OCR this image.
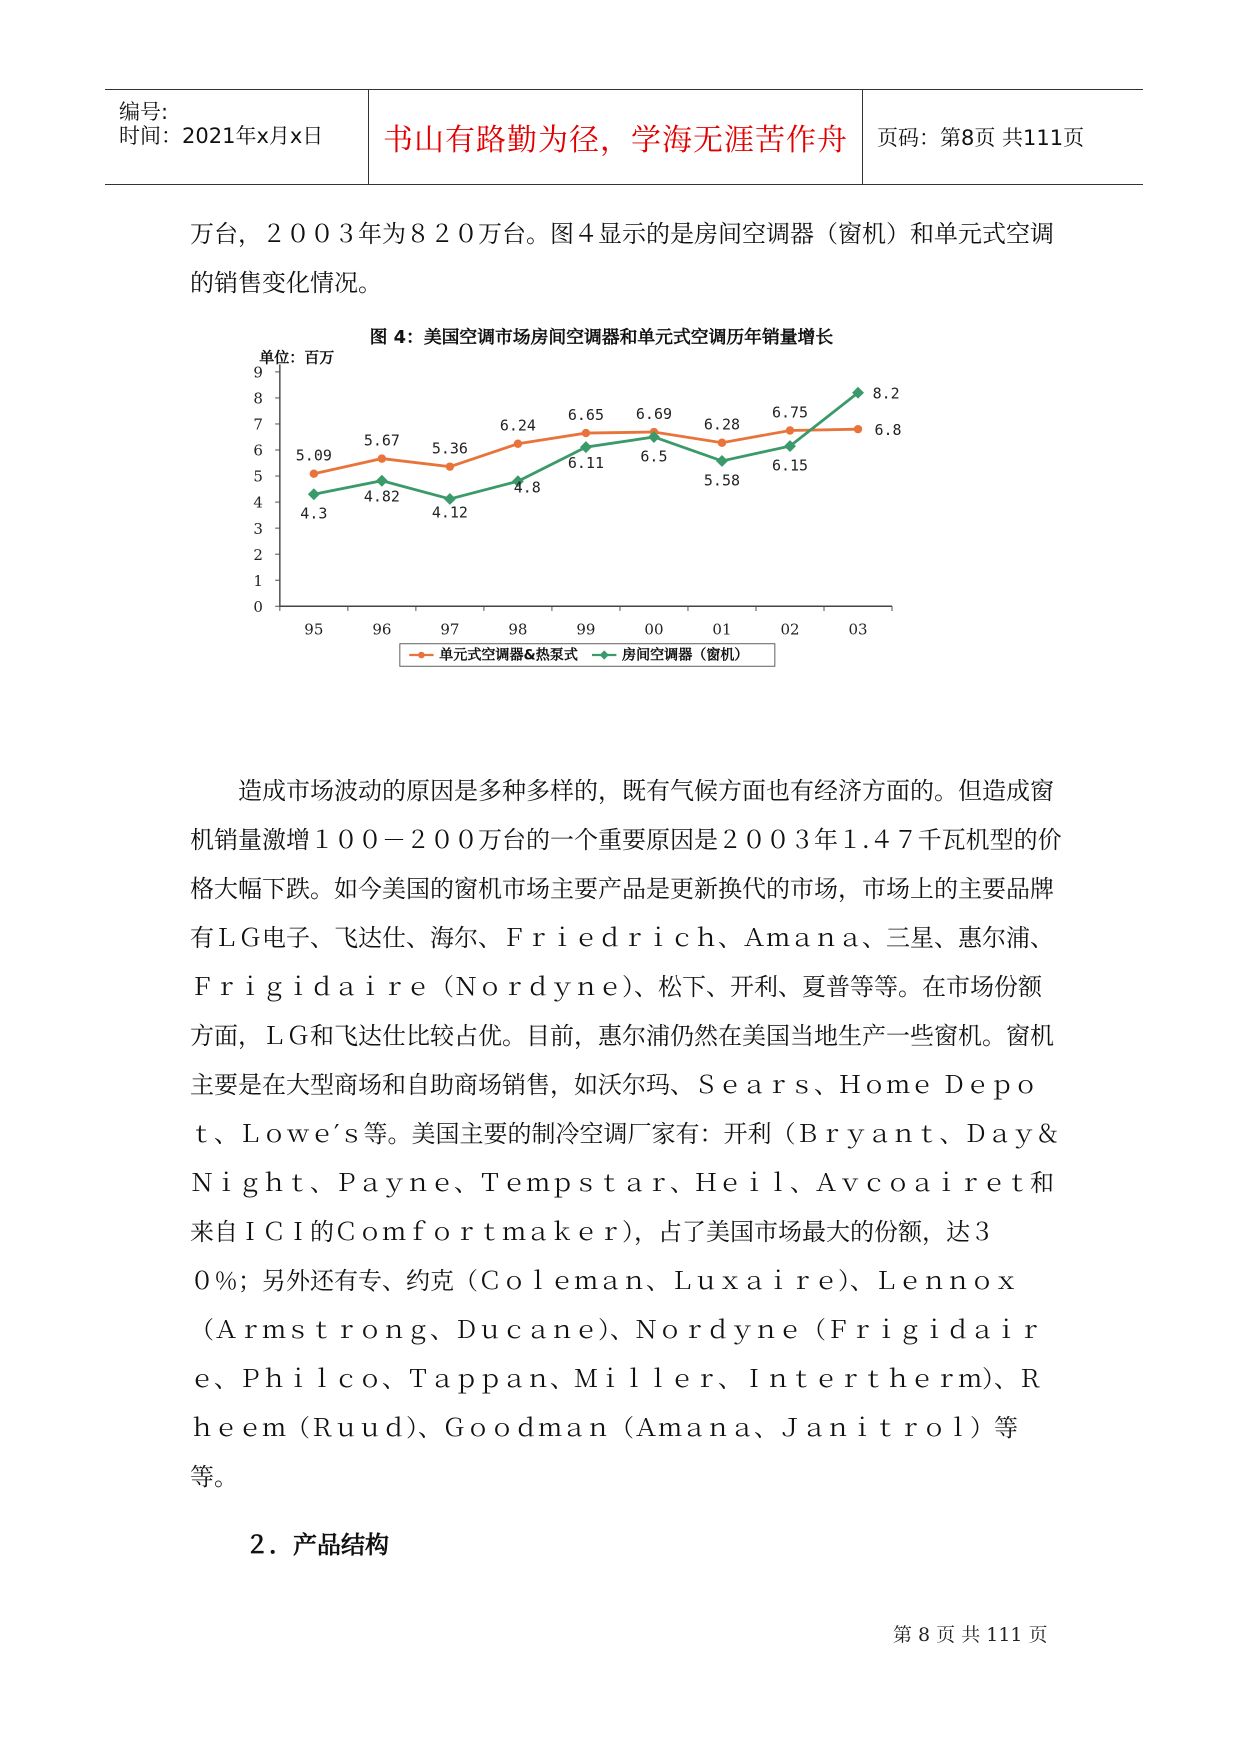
编号:
时间：2021年x月x日 书山有路勤为径，学海无涯苦作舟 页码：第8页 共111页

万台，２００３年为８２０万台。图４显示的是房间空调器（窗机）和单元式空调的销售变化情况。

图 4：美国空调市场房间空调器和单元式空调历年销量增长
单位：百万
0
1
2
3
4
5
6
7
8
9
95	96	97	98	99	00	01	02	03
5.09
5.67 5.36
6.24
6.65 6.69
6.28
6.75
6.8
4.3
4.82
4.12
4.8
6.11 6.5
5.58
6.15
8.2
单元式空调器&热泵式	房间空调器（窗机）

造成市场波动的原因是多种多样的，既有气候方面也有经济方面的。但造成窗机销量激增１００－２００万台的一个重要原因是２００３年１.４７千瓦机型的价格大幅下跌。如今美国的窗机市场主要产品是更新换代的市场，市场上的主要品牌有ＬＧ电子、飞达仕、海尔、Ｆｒｉｅｄｒｉｃｈ、Ａｍａｎａ、三星、惠尔浦、Ｆｒｉｇｉｄａｉｒｅ（Ｎｏｒｄｙｎｅ）、松下、开利、夏普等等。在市场份额方面，ＬＧ和飞达仕比较占优。目前，惠尔浦仍然在美国当地生产一些窗机。窗机主要是在大型商场和自助商场销售，如沃尔玛、Ｓｅａｒｓ、Ｈｏｍｅ Ｄｅｐｏｔ、Ｌｏｗｅ′ｓ等。美国主要的制冷空调厂家有：开利（Ｂｒｙａｎｔ、Ｄａｙ＆Ｎｉｇｈｔ、Ｐａｙｎｅ、Ｔｅｍｐｓｔａｒ、Ｈｅｉｌ、Ａｖｃｏａｉｒｅｔ和来自ＩＣＩ的Ｃｏｍｆｏｒｔｍａｋｅｒ），占了美国市场最大的份额，达３０％；另外还有专、约克（Ｃｏｌｅｍａｎ、Ｌｕｘａｉｒｅ）、Ｌｅｎｎｏｘ（Ａｒｍｓｔｒｏｎｇ、Ｄｕｃａｎｅ）、Ｎｏｒｄｙｎｅ（Ｆｒｉｇｉｄａｉｒｅ、Ｐｈｉｌｃｏ、Ｔａｐｐａｎ、Ｍｉｌｌｅｒ、Ｉｎｔｅｒｔｈｅｒｍ）、Ｒｈｅｅｍ（Ｒｕｕｄ）、Ｇｏｏｄｍａｎ（Ａｍａｎａ、Ｊａｎｉｔｒｏｌ）等等。

２．产品结构
第 8 页 共 111 页
